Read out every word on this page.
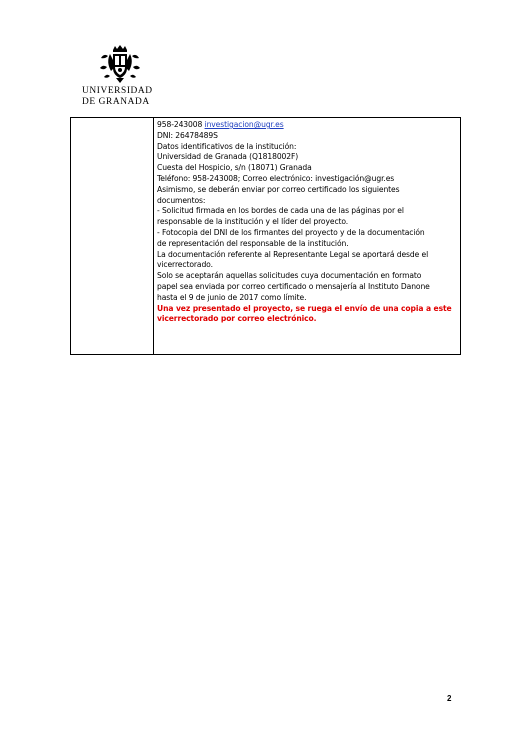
UNIVERSIDAD
DE GRANADA

958-243008 investigacion@ugr.es
DNI: 26478489S
Datos identificativos de la institución:
Universidad de Granada (Q1818002F)
Cuesta del Hospicio, s/n (18071) Granada
Teléfono: 958-243008; Correo electrónico: investigación@ugr.es
Asimismo, se deberán enviar por correo certificado los siguientes
documentos:
- Solicitud firmada en los bordes de cada una de las páginas por el
responsable de la institución y el líder del proyecto.
- Fotocopia del DNI de los firmantes del proyecto y de la documentación
de representación del responsable de la institución.
La documentación referente al Representante Legal se aportará desde el
vicerrectorado.
Solo se aceptarán aquellas solicitudes cuya documentación en formato
papel sea enviada por correo certificado o mensajería al Instituto Danone
hasta el 9 de junio de 2017 como límite.
Una vez presentado el proyecto, se ruega el envío de una copia a este
vicerrectorado por correo electrónico.
2
